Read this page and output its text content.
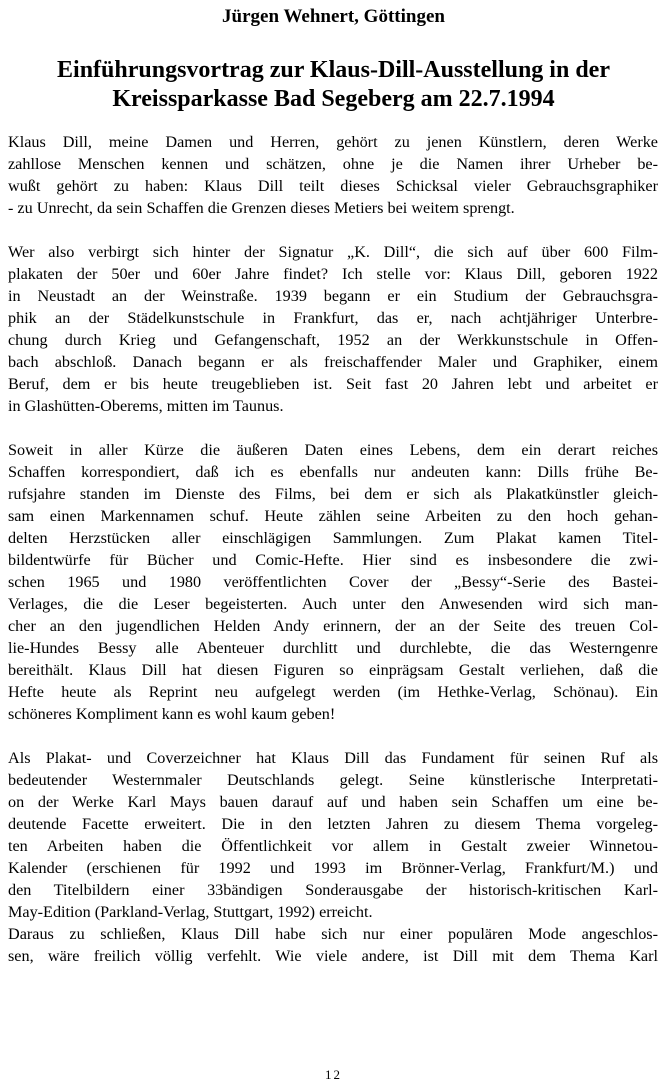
Jürgen Wehnert, Göttingen
Einführungsvortrag zur Klaus-Dill-Ausstellung in der
Kreissparkasse Bad Segeberg am 22.7.1994

Klaus Dill, meine Damen und Herren, gehört zu jenen Künstlern, deren Werke
zahllose Menschen kennen und schätzen, ohne je die Namen ihrer Urheber be-
wußt gehört zu haben: Klaus Dill teilt dieses Schicksal vieler Gebrauchsgraphiker
- zu Unrecht, da sein Schaffen die Grenzen dieses Metiers bei weitem sprengt.

Wer also verbirgt sich hinter der Signatur „K. Dill“, die sich auf über 600 Film-
plakaten der 50er und 60er Jahre findet? Ich stelle vor: Klaus Dill, geboren 1922
in Neustadt an der Weinstraße. 1939 begann er ein Studium der Gebrauchsgra-
phik an der Städelkunstschule in Frankfurt, das er, nach achtjähriger Unterbre-
chung durch Krieg und Gefangenschaft, 1952 an der Werkkunstschule in Offen-
bach abschloß. Danach begann er als freischaffender Maler und Graphiker, einem
Beruf, dem er bis heute treugeblieben ist. Seit fast 20 Jahren lebt und arbeitet er
in Glashütten-Oberems, mitten im Taunus.

Soweit in aller Kürze die äußeren Daten eines Lebens, dem ein derart reiches
Schaffen korrespondiert, daß ich es ebenfalls nur andeuten kann: Dills frühe Be-
rufsjahre standen im Dienste des Films, bei dem er sich als Plakatkünstler gleich-
sam einen Markennamen schuf. Heute zählen seine Arbeiten zu den hoch gehan-
delten Herzstücken aller einschlägigen Sammlungen. Zum Plakat kamen Titel-
bildentwürfe für Bücher und Comic-Hefte. Hier sind es insbesondere die zwi-
schen 1965 und 1980 veröffentlichten Cover der „Bessy“-Serie des Bastei-
Verlages, die die Leser begeisterten. Auch unter den Anwesenden wird sich man-
cher an den jugendlichen Helden Andy erinnern, der an der Seite des treuen Col-
lie-Hundes Bessy alle Abenteuer durchlitt und durchlebte, die das Westerngenre
bereithält. Klaus Dill hat diesen Figuren so einprägsam Gestalt verliehen, daß die
Hefte heute als Reprint neu aufgelegt werden (im Hethke-Verlag, Schönau). Ein
schöneres Kompliment kann es wohl kaum geben!

Als Plakat- und Coverzeichner hat Klaus Dill das Fundament für seinen Ruf als
bedeutender Westernmaler Deutschlands gelegt. Seine künstlerische Interpretati-
on der Werke Karl Mays bauen darauf auf und haben sein Schaffen um eine be-
deutende Facette erweitert. Die in den letzten Jahren zu diesem Thema vorgeleg-
ten Arbeiten haben die Öffentlichkeit vor allem in Gestalt zweier Winnetou-
Kalender (erschienen für 1992 und 1993 im Brönner-Verlag, Frankfurt/M.) und
den Titelbildern einer 33bändigen Sonderausgabe der historisch-kritischen Karl-
May-Edition (Parkland-Verlag, Stuttgart, 1992) erreicht.

Daraus zu schließen, Klaus Dill habe sich nur einer populären Mode angeschlos-
sen, wäre freilich völlig verfehlt. Wie viele andere, ist Dill mit dem Thema Karl

12
